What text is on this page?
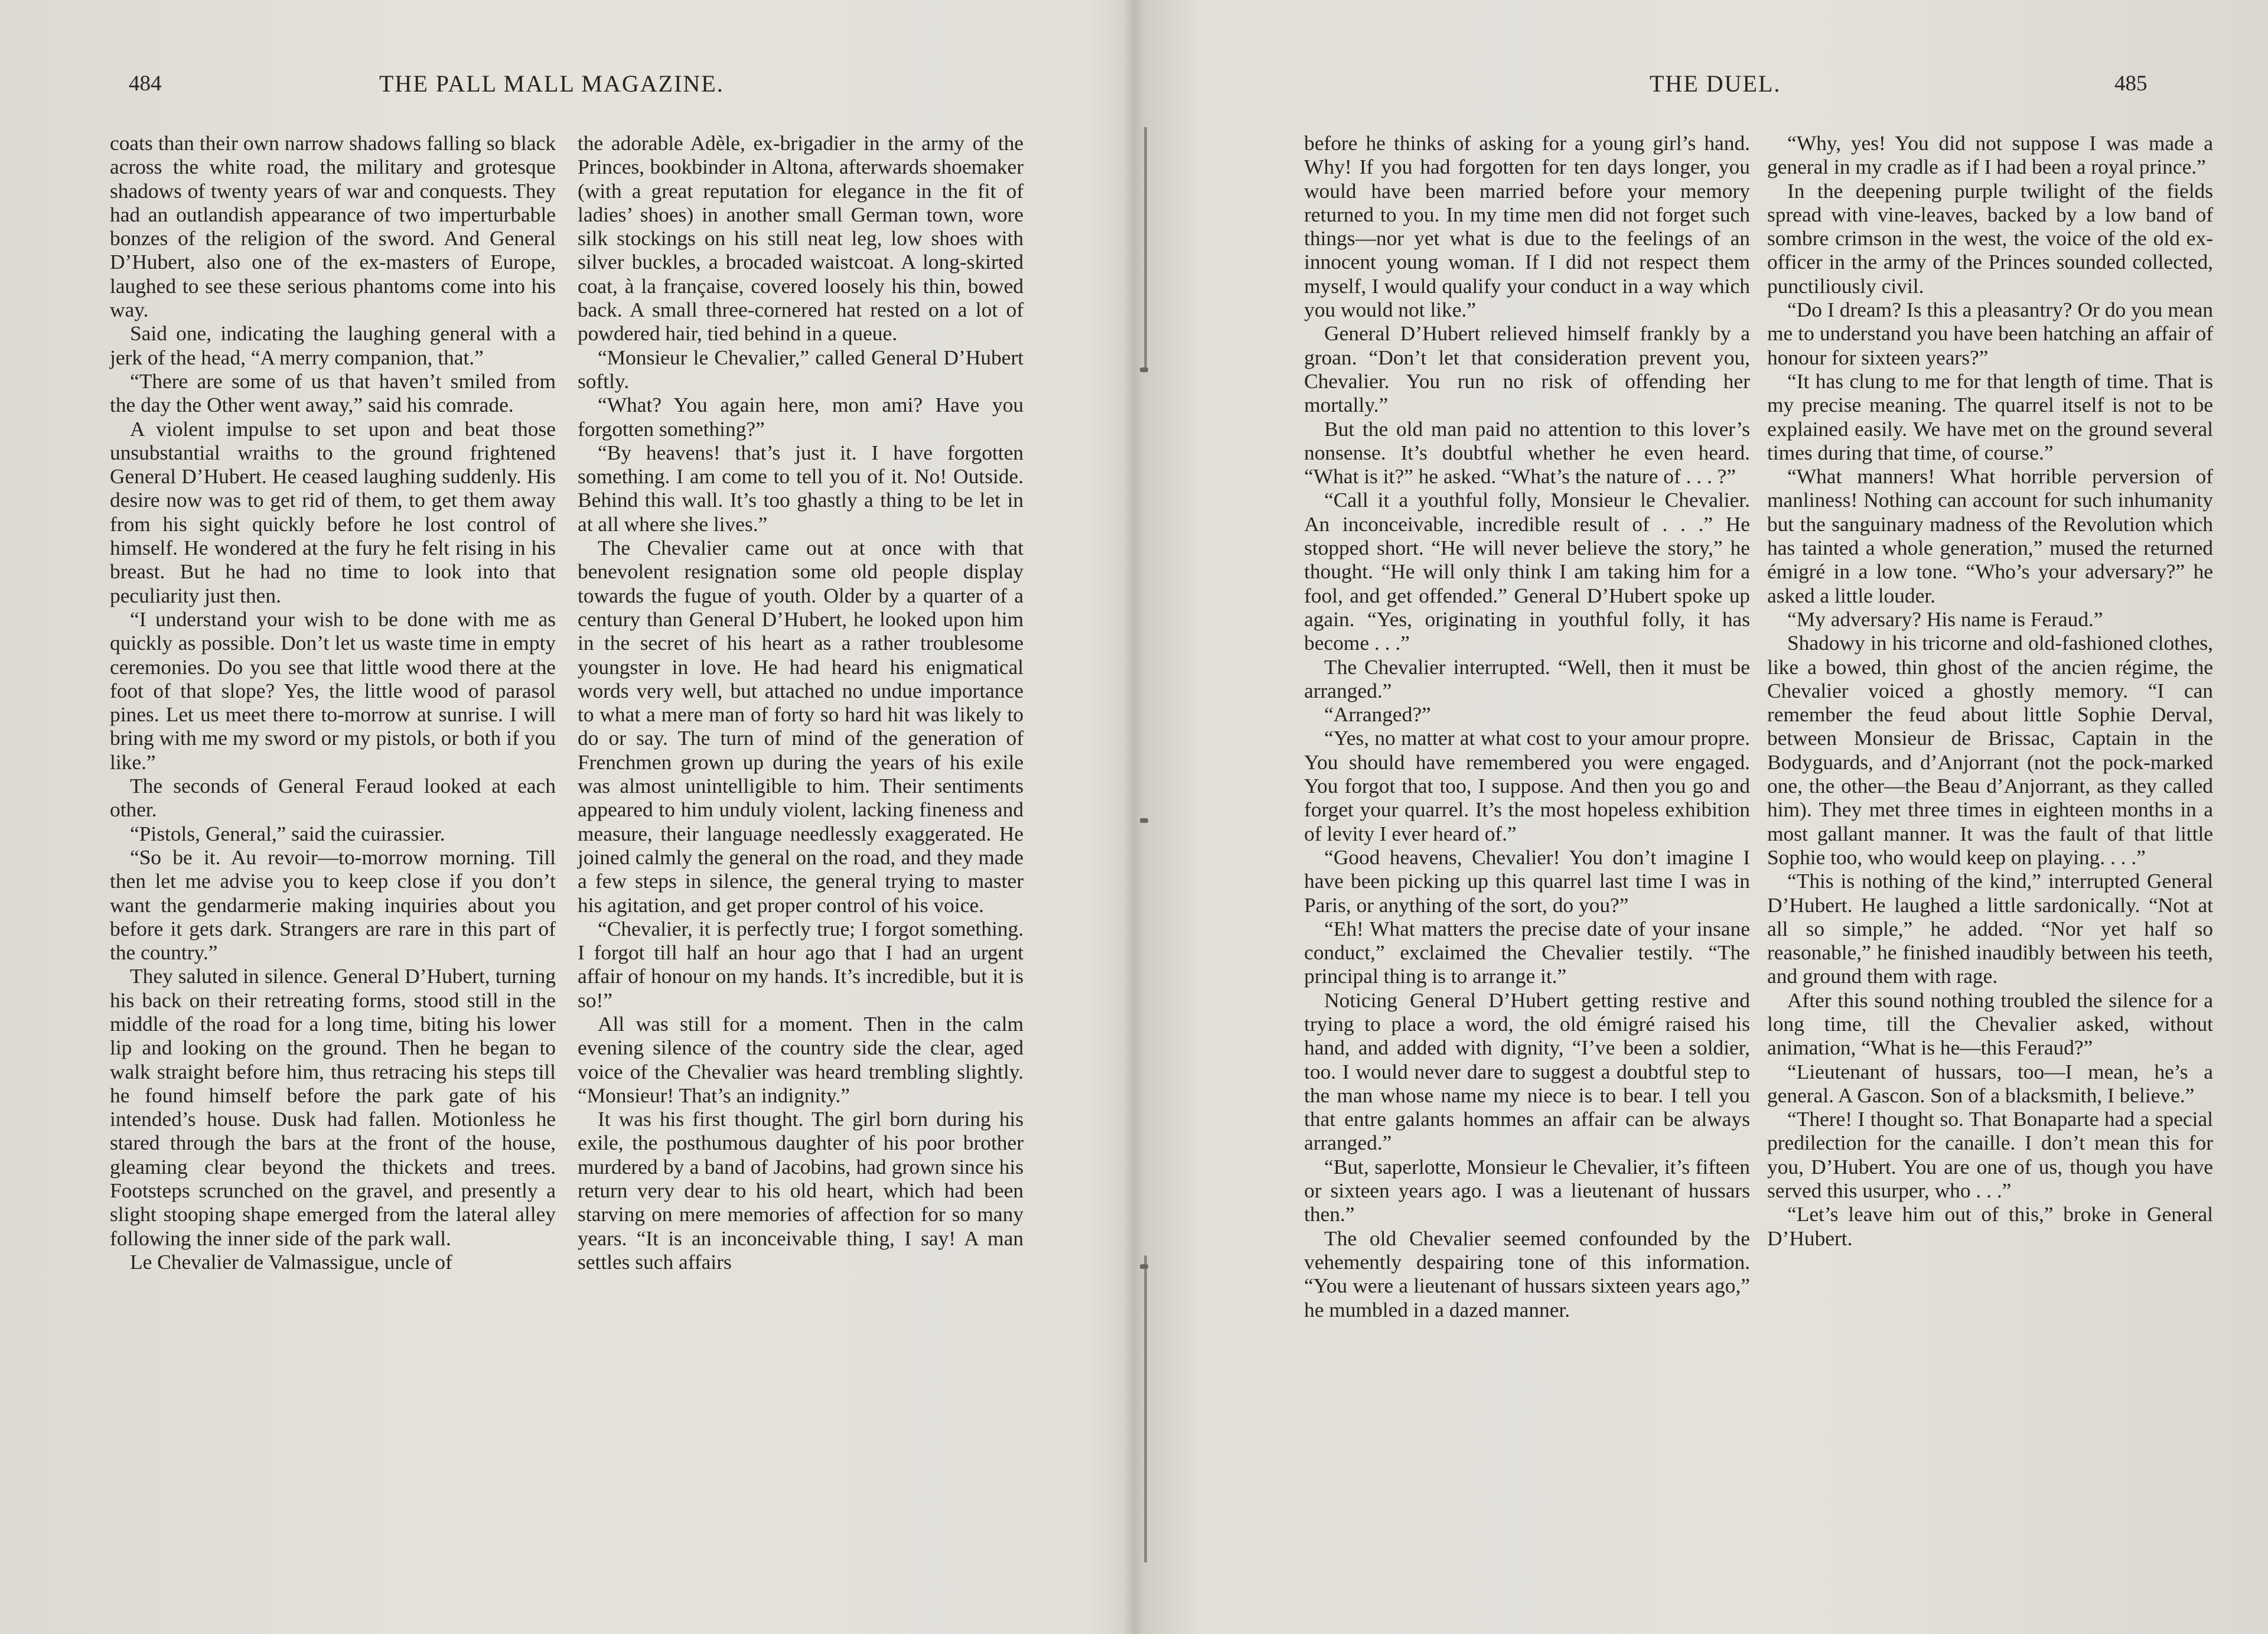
484	THE PALL MALL MAGAZINE.

coats than their own narrow shadows falling so black across the white road, the military and grotesque shadows of twenty years of war and conquests. They had an outlandish appearance of two imperturbable bonzes of the religion of the sword. And General D’Hubert, also one of the ex-masters of Europe, laughed to see these serious phantoms come into his way.

Said one, indicating the laughing general with a jerk of the head, “A merry companion, that.”

“There are some of us that haven’t smiled from the day the Other went away,” said his comrade.

A violent impulse to set upon and beat those unsubstantial wraiths to the ground frightened General D’Hubert. He ceased laughing suddenly. His desire now was to get rid of them, to get them away from his sight quickly before he lost control of himself. He wondered at the fury he felt rising in his breast. But he had no time to look into that peculiarity just then.

“I understand your wish to be done with me as quickly as possible. Don’t let us waste time in empty ceremonies. Do you see that little wood there at the foot of that slope? Yes, the little wood of parasol pines. Let us meet there to-morrow at sunrise. I will bring with me my sword or my pistols, or both if you like.”

The seconds of General Feraud looked at each other.

“Pistols, General,” said the cuirassier.

“So be it. Au revoir—to-morrow morning. Till then let me advise you to keep close if you don’t want the gendarmerie making inquiries about you before it gets dark. Strangers are rare in this part of the country.”

They saluted in silence. General D’Hubert, turning his back on their retreating forms, stood still in the middle of the road for a long time, biting his lower lip and looking on the ground. Then he began to walk straight before him, thus retracing his steps till he found himself before the park gate of his intended’s house. Dusk had fallen. Motionless he stared through the bars at the front of the house, gleaming clear beyond the thickets and trees. Footsteps scrunched on the gravel, and presently a slight stooping shape emerged from the lateral alley following the inner side of the park wall.

Le Chevalier de Valmassigue, uncle of

the adorable Adèle, ex-brigadier in the army of the Princes, bookbinder in Altona, afterwards shoemaker (with a great reputation for elegance in the fit of ladies’ shoes) in another small German town, wore silk stockings on his still neat leg, low shoes with silver buckles, a brocaded waistcoat. A long-skirted coat, à la française, covered loosely his thin, bowed back. A small three-cornered hat rested on a lot of powdered hair, tied behind in a queue.

“Monsieur le Chevalier,” called General D’Hubert softly.

“What? You again here, mon ami? Have you forgotten something?”

“By heavens! that’s just it. I have forgotten something. I am come to tell you of it. No! Outside. Behind this wall. It’s too ghastly a thing to be let in at all where she lives.”

The Chevalier came out at once with that benevolent resignation some old people display towards the fugue of youth. Older by a quarter of a century than General D’Hubert, he looked upon him in the secret of his heart as a rather troublesome youngster in love. He had heard his enigmatical words very well, but attached no undue importance to what a mere man of forty so hard hit was likely to do or say. The turn of mind of the generation of Frenchmen grown up during the years of his exile was almost unintelligible to him. Their sentiments appeared to him unduly violent, lacking fineness and measure, their language needlessly exaggerated. He joined calmly the general on the road, and they made a few steps in silence, the general trying to master his agitation, and get proper control of his voice.

“Chevalier, it is perfectly true; I forgot something. I forgot till half an hour ago that I had an urgent affair of honour on my hands. It’s incredible, but it is so!”

All was still for a moment. Then in the calm evening silence of the country side the clear, aged voice of the Chevalier was heard trembling slightly. “Monsieur! That’s an indignity.”

It was his first thought. The girl born during his exile, the posthumous daughter of his poor brother murdered by a band of Jacobins, had grown since his return very dear to his old heart, which had been starving on mere memories of affection for so many years. “It is an inconceivable thing, I say! A man settles such affairs

THE DUEL.	485

before he thinks of asking for a young girl’s hand. Why! If you had forgotten for ten days longer, you would have been married before your memory returned to you. In my time men did not forget such things—nor yet what is due to the feelings of an innocent young woman. If I did not respect them myself, I would qualify your conduct in a way which you would not like.”

General D’Hubert relieved himself frankly by a groan. “Don’t let that consideration prevent you, Chevalier. You run no risk of offending her mortally.”

But the old man paid no attention to this lover’s nonsense. It’s doubtful whether he even heard. “What is it?” he asked. “What’s the nature of . . . ?”

“Call it a youthful folly, Monsieur le Chevalier. An inconceivable, incredible result of . . .” He stopped short. “He will never believe the story,” he thought. “He will only think I am taking him for a fool, and get offended.” General D’Hubert spoke up again. “Yes, originating in youthful folly, it has become . . .”

The Chevalier interrupted. “Well, then it must be arranged.”

“Arranged?”

“Yes, no matter at what cost to your amour propre. You should have remembered you were engaged. You forgot that too, I suppose. And then you go and forget your quarrel. It’s the most hopeless exhibition of levity I ever heard of.”

“Good heavens, Chevalier! You don’t imagine I have been picking up this quarrel last time I was in Paris, or anything of the sort, do you?”

“Eh! What matters the precise date of your insane conduct,” exclaimed the Chevalier testily. “The principal thing is to arrange it.”

Noticing General D’Hubert getting restive and trying to place a word, the old émigré raised his hand, and added with dignity, “I’ve been a soldier, too. I would never dare to suggest a doubtful step to the man whose name my niece is to bear. I tell you that entre galants hommes an affair can be always arranged.”

“But, saperlotte, Monsieur le Chevalier, it’s fifteen or sixteen years ago. I was a lieutenant of hussars then.”

The old Chevalier seemed confounded by the vehemently despairing tone of this information. “You were a lieutenant of hussars sixteen years ago,” he mumbled in a dazed manner.

“Why, yes! You did not suppose I was made a general in my cradle as if I had been a royal prince.”

In the deepening purple twilight of the fields spread with vine-leaves, backed by a low band of sombre crimson in the west, the voice of the old ex-officer in the army of the Princes sounded collected, punctiliously civil.

“Do I dream? Is this a pleasantry? Or do you mean me to understand you have been hatching an affair of honour for sixteen years?”

“It has clung to me for that length of time. That is my precise meaning. The quarrel itself is not to be explained easily. We have met on the ground several times during that time, of course.”

“What manners! What horrible perversion of manliness! Nothing can account for such inhumanity but the sanguinary madness of the Revolution which has tainted a whole generation,” mused the returned émigré in a low tone. “Who’s your adversary?” he asked a little louder.

“My adversary? His name is Feraud.”

Shadowy in his tricorne and old-fashioned clothes, like a bowed, thin ghost of the ancien régime, the Chevalier voiced a ghostly memory. “I can remember the feud about little Sophie Derval, between Monsieur de Brissac, Captain in the Bodyguards, and d’Anjorrant (not the pock-marked one, the other—the Beau d’Anjorrant, as they called him). They met three times in eighteen months in a most gallant manner. It was the fault of that little Sophie too, who would keep on playing. . . .”

“This is nothing of the kind,” interrupted General D’Hubert. He laughed a little sardonically. “Not at all so simple,” he added. “Nor yet half so reasonable,” he finished inaudibly between his teeth, and ground them with rage.

After this sound nothing troubled the silence for a long time, till the Chevalier asked, without animation, “What is he—this Feraud?”

“Lieutenant of hussars, too—I mean, he’s a general. A Gascon. Son of a blacksmith, I believe.”

“There! I thought so. That Bonaparte had a special predilection for the canaille. I don’t mean this for you, D’Hubert. You are one of us, though you have served this usurper, who . . .”

“Let’s leave him out of this,” broke in General D’Hubert.
